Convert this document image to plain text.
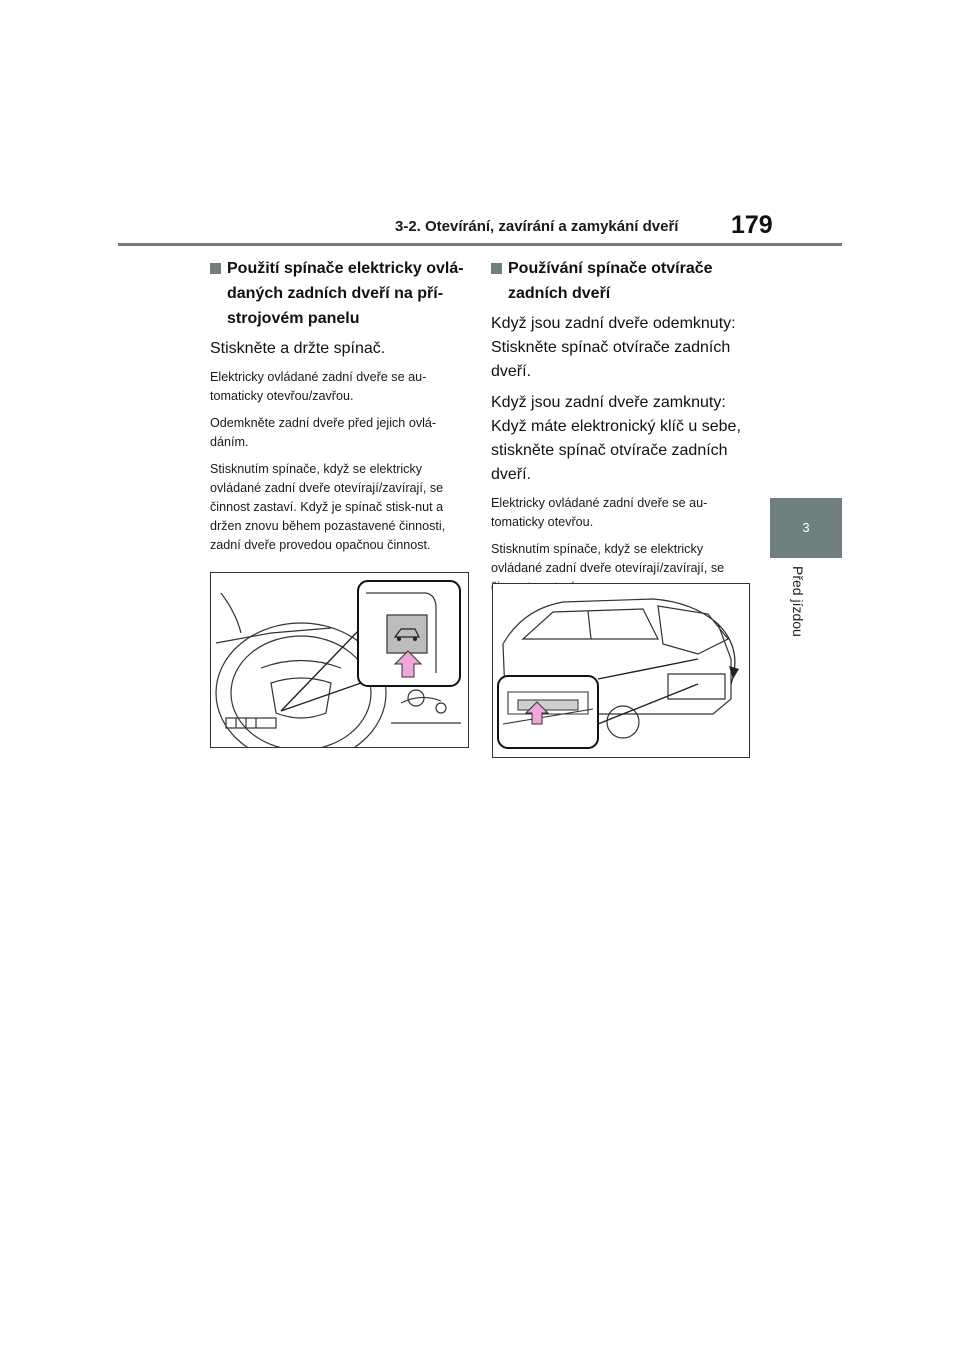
3-2. Otevírání, zavírání a zamykání dveří	179
3
Před jízdou
Použití spínače elektricky ovlá-daných zadních dveří na pří-strojovém panelu

Stiskněte a držte spínač.

Elektricky ovládané zadní dveře se au-tomaticky otevřou/zavřou.

Odemkněte zadní dveře před jejich ovlá-dáním.

Stisknutím spínače, když se elektricky ovládané zadní dveře otevírají/zavírají, se činnost zastaví. Když je spínač stisk-nut a držen znovu během pozastavené činnosti, zadní dveře provedou opačnou činnost.

Používání spínače otvírače zadních dveří

Když jsou zadní dveře odemknuty: Stiskněte spínač otvírače zadních dveří.

Když jsou zadní dveře zamknuty: Když máte elektronický klíč u sebe, stiskněte spínač otvírače zadních dveří.

Elektricky ovládané zadní dveře se au-tomaticky otevřou.

Stisknutím spínače, když se elektricky ovládané zadní dveře otevírají/zavírají, se
